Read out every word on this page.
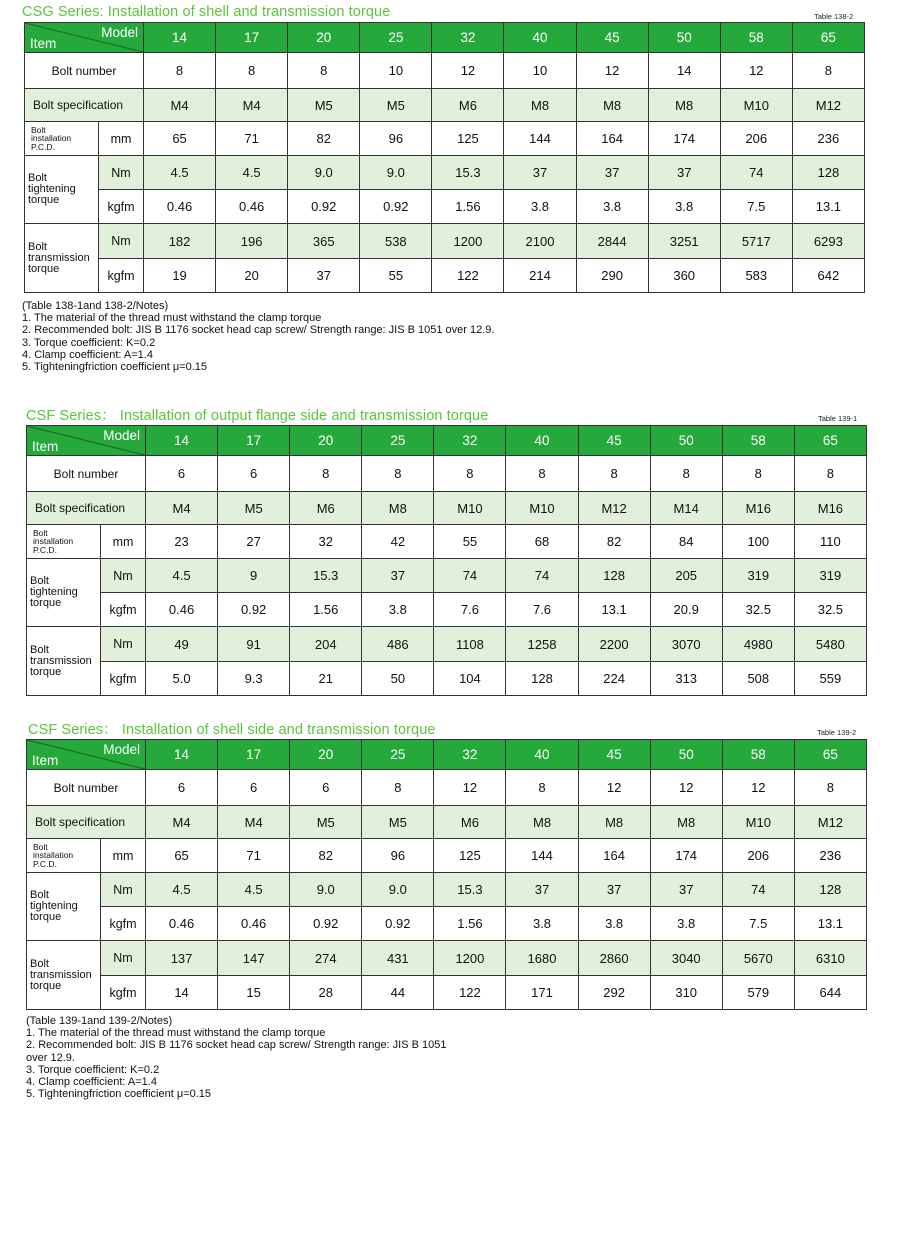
CSG Series: Installation of shell and transmission torque	Table 138-2
Model
Item		14	17	20	25	32	40	45	50	58	65
Bolt number		8	8	8	10	12	10	12	14	12	8
Bolt specification		M4	M4	M5	M5	M6	M8	M8	M8	M10	M12

Bolt
installation
P.C.D.	mm	65	71	82	96	125	144	164	174	206	236

Bolt
tightening
torque	Nm	4.5	4.5	9.0	9.0	15.3	37	37	37	74	128
	kgfm	0.46	0.46	0.92	0.92	1.56	3.8	3.8	3.8	7.5	13.1

Bolt
transmission
torque	Nm	182	196	365	538	1200	2100	2844	3251	5717	6293
	kgfm	19	20	37	55	122	214	290	360	583	642
(Table 138-1and 138-2/Notes)
1. The material of the thread must withstand the clamp torque
2. Recommended bolt: JIS B 1176 socket head cap screw/ Strength range: JIS B 1051 over 12.9.
3. Torque coefficient: K=0.2
4. Clamp coefficient: A=1.4
5. Tighteningfriction coefficient μ=0.15
CSF Series： Installation of output flange side and transmission torque	Table 139-1
Model
Item		14	17	20	25	32	40	45	50	58	65
Bolt number		6	6	8	8	8	8	8	8	8	8
Bolt specification		M4	M5	M6	M8	M10	M10	M12	M14	M16	M16

Bolt
installation
P.C.D.	mm	23	27	32	42	55	68	82	84	100	110

Bolt
tightening
torque	Nm	4.5	9	15.3	37	74	74	128	205	319	319
	kgfm	0.46	0.92	1.56	3.8	7.6	7.6	13.1	20.9	32.5	32.5

Bolt
transmission
torque	Nm	49	91	204	486	1108	1258	2200	3070	4980	5480
	kgfm	5.0	9.3	21	50	104	128	224	313	508	559
CSF Series： Installation of shell side and transmission torque	Table 139-2
Model
Item		14	17	20	25	32	40	45	50	58	65
Bolt number		6	6	6	8	12	8	12	12	12	8
Bolt specification		M4	M4	M5	M5	M6	M8	M8	M8	M10	M12

Bolt
installation
P.C.D.	mm	65	71	82	96	125	144	164	174	206	236

Bolt
tightening
torque	Nm	4.5	4.5	9.0	9.0	15.3	37	37	37	74	128
	kgfm	0.46	0.46	0.92	0.92	1.56	3.8	3.8	3.8	7.5	13.1

Bolt
transmission
torque	Nm	137	147	274	431	1200	1680	2860	3040	5670	6310
	kgfm	14	15	28	44	122	171	292	310	579	644
(Table 139-1and 139-2/Notes)
1. The material of the thread must withstand the clamp torque
2. Recommended bolt: JIS B 1176 socket head cap screw/ Strength range: JIS B 1051
over 12.9.
3. Torque coefficient: K=0.2
4. Clamp coefficient: A=1.4
5. Tighteningfriction coefficient μ=0.15
